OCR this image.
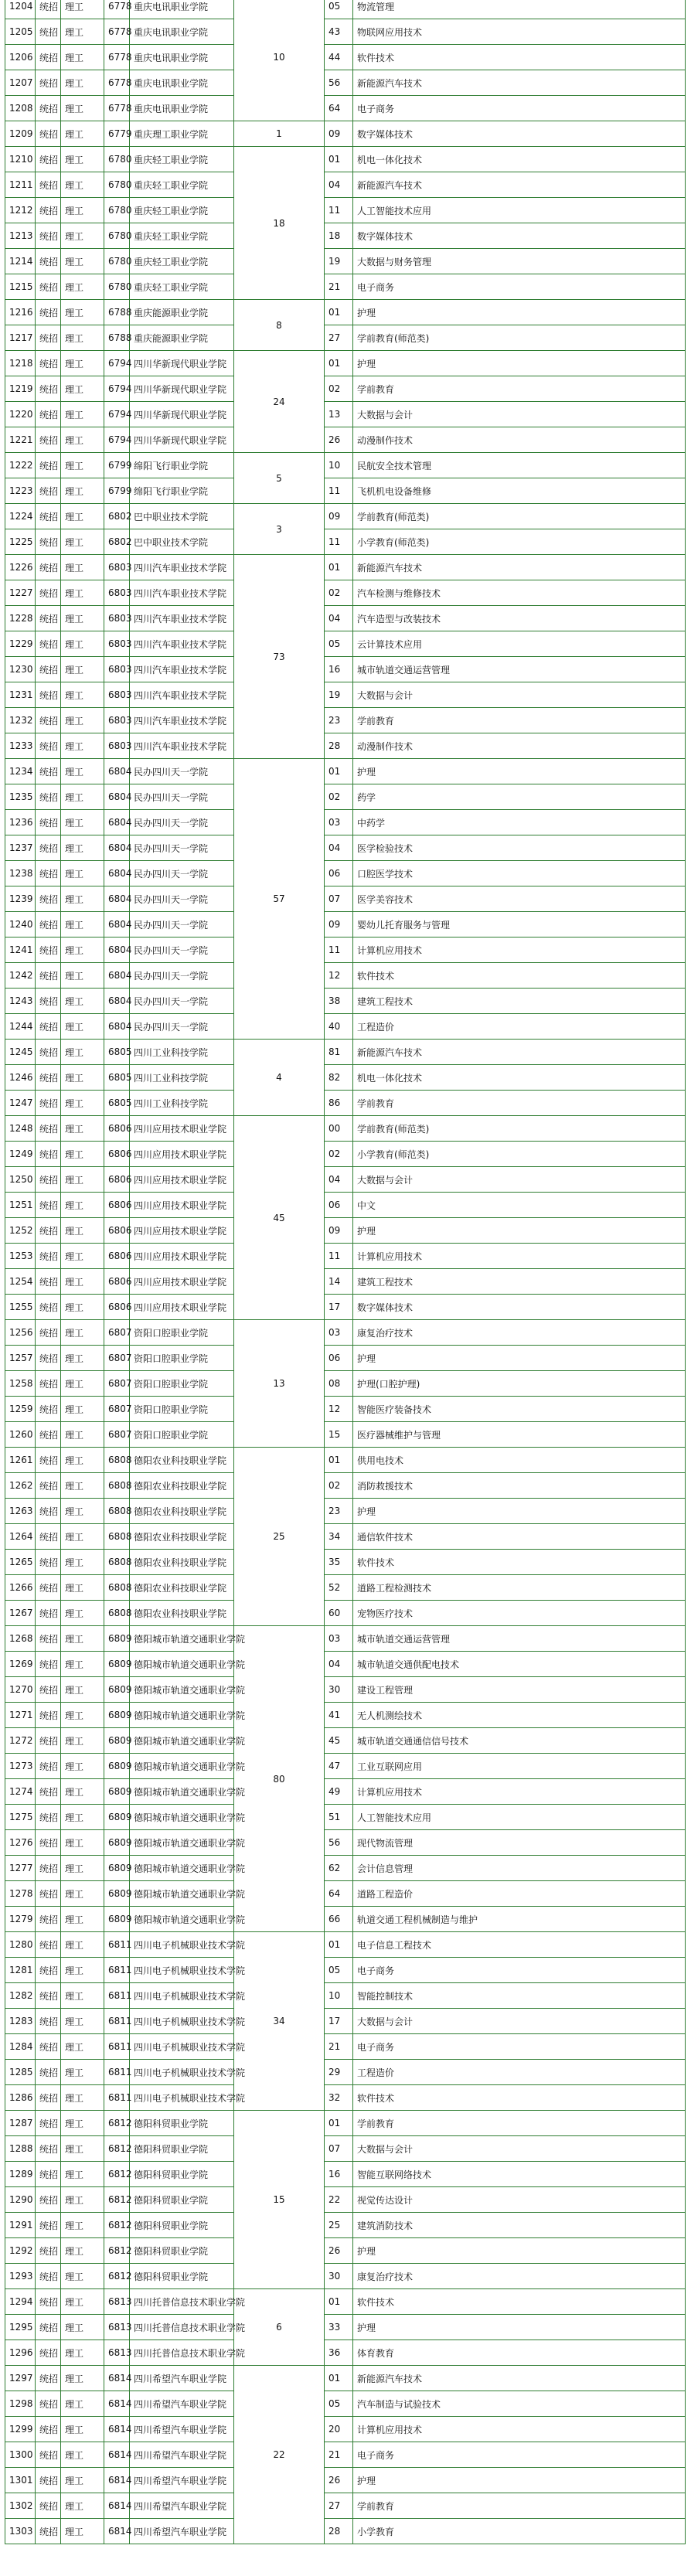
1204	统招	理工	6778	重庆电讯职业学院	10	05	物流管理
1205	统招	理工	6778	重庆电讯职业学院		43	物联网应用技术
1206	统招	理工	6778	重庆电讯职业学院		44	软件技术
1207	统招	理工	6778	重庆电讯职业学院		56	新能源汽车技术
1208	统招	理工	6778	重庆电讯职业学院		64	电子商务
1209	统招	理工	6779	重庆理工职业学院	1	09	数字媒体技术
1210	统招	理工	6780	重庆轻工职业学院	18	01	机电一体化技术
1211	统招	理工	6780	重庆轻工职业学院		04	新能源汽车技术
1212	统招	理工	6780	重庆轻工职业学院		11	人工智能技术应用
1213	统招	理工	6780	重庆轻工职业学院		18	数字媒体技术
1214	统招	理工	6780	重庆轻工职业学院		19	大数据与财务管理
1215	统招	理工	6780	重庆轻工职业学院		21	电子商务
1216	统招	理工	6788	重庆能源职业学院	8	01	护理
1217	统招	理工	6788	重庆能源职业学院		27	学前教育(师范类)
1218	统招	理工	6794	四川华新现代职业学院	24	01	护理
1219	统招	理工	6794	四川华新现代职业学院		02	学前教育
1220	统招	理工	6794	四川华新现代职业学院		13	大数据与会计
1221	统招	理工	6794	四川华新现代职业学院		26	动漫制作技术
1222	统招	理工	6799	绵阳飞行职业学院	5	10	民航安全技术管理
1223	统招	理工	6799	绵阳飞行职业学院		11	飞机机电设备维修
1224	统招	理工	6802	巴中职业技术学院	3	09	学前教育(师范类)
1225	统招	理工	6802	巴中职业技术学院		11	小学教育(师范类)
1226	统招	理工	6803	四川汽车职业技术学院	73	01	新能源汽车技术
1227	统招	理工	6803	四川汽车职业技术学院		02	汽车检测与维修技术
1228	统招	理工	6803	四川汽车职业技术学院		04	汽车造型与改装技术
1229	统招	理工	6803	四川汽车职业技术学院		05	云计算技术应用
1230	统招	理工	6803	四川汽车职业技术学院		16	城市轨道交通运营管理
1231	统招	理工	6803	四川汽车职业技术学院		19	大数据与会计
1232	统招	理工	6803	四川汽车职业技术学院		23	学前教育
1233	统招	理工	6803	四川汽车职业技术学院		28	动漫制作技术
1234	统招	理工	6804	民办四川天一学院	57	01	护理
1235	统招	理工	6804	民办四川天一学院		02	药学
1236	统招	理工	6804	民办四川天一学院		03	中药学
1237	统招	理工	6804	民办四川天一学院		04	医学检验技术
1238	统招	理工	6804	民办四川天一学院		06	口腔医学技术
1239	统招	理工	6804	民办四川天一学院		07	医学美容技术
1240	统招	理工	6804	民办四川天一学院		09	婴幼儿托育服务与管理
1241	统招	理工	6804	民办四川天一学院		11	计算机应用技术
1242	统招	理工	6804	民办四川天一学院		12	软件技术
1243	统招	理工	6804	民办四川天一学院		38	建筑工程技术
1244	统招	理工	6804	民办四川天一学院		40	工程造价
1245	统招	理工	6805	四川工业科技学院	4	81	新能源汽车技术
1246	统招	理工	6805	四川工业科技学院		82	机电一体化技术
1247	统招	理工	6805	四川工业科技学院		86	学前教育
1248	统招	理工	6806	四川应用技术职业学院	45	00	学前教育(师范类)
1249	统招	理工	6806	四川应用技术职业学院		02	小学教育(师范类)
1250	统招	理工	6806	四川应用技术职业学院		04	大数据与会计
1251	统招	理工	6806	四川应用技术职业学院		06	中文
1252	统招	理工	6806	四川应用技术职业学院		09	护理
1253	统招	理工	6806	四川应用技术职业学院		11	计算机应用技术
1254	统招	理工	6806	四川应用技术职业学院		14	建筑工程技术
1255	统招	理工	6806	四川应用技术职业学院		17	数字媒体技术
1256	统招	理工	6807	资阳口腔职业学院	13	03	康复治疗技术
1257	统招	理工	6807	资阳口腔职业学院		06	护理
1258	统招	理工	6807	资阳口腔职业学院		08	护理(口腔护理)
1259	统招	理工	6807	资阳口腔职业学院		12	智能医疗装备技术
1260	统招	理工	6807	资阳口腔职业学院		15	医疗器械维护与管理
1261	统招	理工	6808	德阳农业科技职业学院	25	01	供用电技术
1262	统招	理工	6808	德阳农业科技职业学院		02	消防救援技术
1263	统招	理工	6808	德阳农业科技职业学院		23	护理
1264	统招	理工	6808	德阳农业科技职业学院		34	通信软件技术
1265	统招	理工	6808	德阳农业科技职业学院		35	软件技术
1266	统招	理工	6808	德阳农业科技职业学院		52	道路工程检测技术
1267	统招	理工	6808	德阳农业科技职业学院		60	宠物医疗技术
1268	统招	理工	6809	德阳城市轨道交通职业学院	80	03	城市轨道交通运营管理
1269	统招	理工	6809	德阳城市轨道交通职业学院		04	城市轨道交通供配电技术
1270	统招	理工	6809	德阳城市轨道交通职业学院		30	建设工程管理
1271	统招	理工	6809	德阳城市轨道交通职业学院		41	无人机测绘技术
1272	统招	理工	6809	德阳城市轨道交通职业学院		45	城市轨道交通通信信号技术
1273	统招	理工	6809	德阳城市轨道交通职业学院		47	工业互联网应用
1274	统招	理工	6809	德阳城市轨道交通职业学院		49	计算机应用技术
1275	统招	理工	6809	德阳城市轨道交通职业学院		51	人工智能技术应用
1276	统招	理工	6809	德阳城市轨道交通职业学院		56	现代物流管理
1277	统招	理工	6809	德阳城市轨道交通职业学院		62	会计信息管理
1278	统招	理工	6809	德阳城市轨道交通职业学院		64	道路工程造价
1279	统招	理工	6809	德阳城市轨道交通职业学院		66	轨道交通工程机械制造与维护
1280	统招	理工	6811	四川电子机械职业技术学院	34	01	电子信息工程技术
1281	统招	理工	6811	四川电子机械职业技术学院		05	电子商务
1282	统招	理工	6811	四川电子机械职业技术学院		10	智能控制技术
1283	统招	理工	6811	四川电子机械职业技术学院		17	大数据与会计
1284	统招	理工	6811	四川电子机械职业技术学院		21	电子商务
1285	统招	理工	6811	四川电子机械职业技术学院		29	工程造价
1286	统招	理工	6811	四川电子机械职业技术学院		32	软件技术
1287	统招	理工	6812	德阳科贸职业学院	15	01	学前教育
1288	统招	理工	6812	德阳科贸职业学院		07	大数据与会计
1289	统招	理工	6812	德阳科贸职业学院		16	智能互联网络技术
1290	统招	理工	6812	德阳科贸职业学院		22	视觉传达设计
1291	统招	理工	6812	德阳科贸职业学院		25	建筑消防技术
1292	统招	理工	6812	德阳科贸职业学院		26	护理
1293	统招	理工	6812	德阳科贸职业学院		30	康复治疗技术
1294	统招	理工	6813	四川托普信息技术职业学院	6	01	软件技术
1295	统招	理工	6813	四川托普信息技术职业学院		33	护理
1296	统招	理工	6813	四川托普信息技术职业学院		36	体育教育
1297	统招	理工	6814	四川希望汽车职业学院	22	01	新能源汽车技术
1298	统招	理工	6814	四川希望汽车职业学院		05	汽车制造与试验技术
1299	统招	理工	6814	四川希望汽车职业学院		20	计算机应用技术
1300	统招	理工	6814	四川希望汽车职业学院		21	电子商务
1301	统招	理工	6814	四川希望汽车职业学院		26	护理
1302	统招	理工	6814	四川希望汽车职业学院		27	学前教育
1303	统招	理工	6814	四川希望汽车职业学院		28	小学教育
